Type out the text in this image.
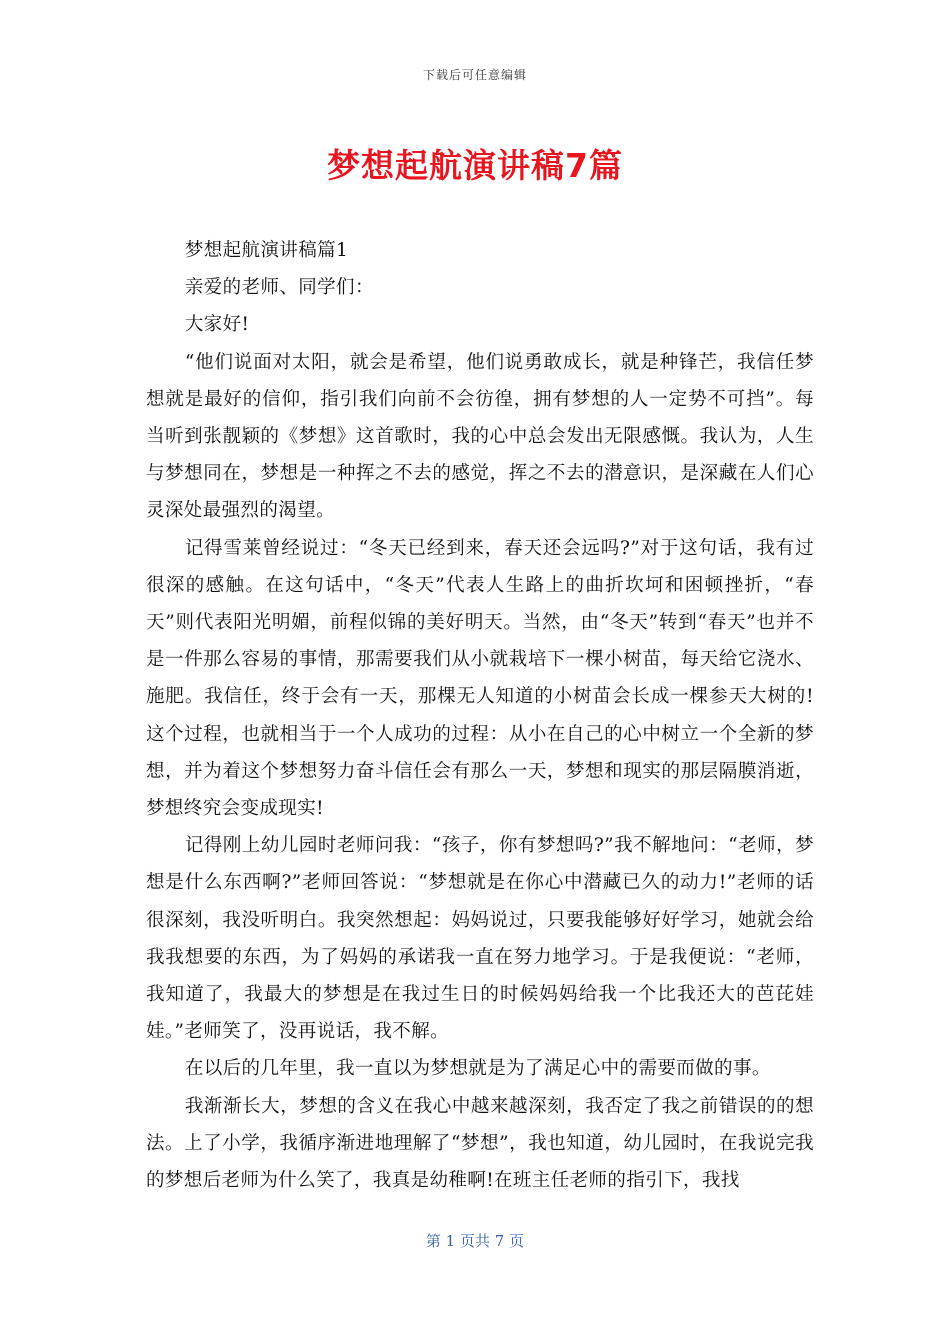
下载后可任意编辑
梦想起航演讲稿7篇

梦想起航演讲稿篇1

亲爱的老师、同学们：

大家好!

“他们说面对太阳，就会是希望，他们说勇敢成长，就是种锋芒，我信任梦想就是最好的信仰，指引我们向前不会彷徨，拥有梦想的人一定势不可挡”。每当听到张靓颖的《梦想》这首歌时，我的心中总会发出无限感慨。我认为，人生与梦想同在，梦想是一种挥之不去的感觉，挥之不去的潜意识，是深藏在人们心灵深处最强烈的渴望。

记得雪莱曾经说过：“冬天已经到来，春天还会远吗?”对于这句话，我有过很深的感触。在这句话中，“冬天”代表人生路上的曲折坎坷和困顿挫折，“春天”则代表阳光明媚，前程似锦的美好明天。当然，由“冬天”转到“春天”也并不是一件那么容易的事情，那需要我们从小就栽培下一棵小树苗，每天给它浇水、施肥。我信任，终于会有一天，那棵无人知道的小树苗会长成一棵参天大树的!这个过程，也就相当于一个人成功的过程：从小在自己的心中树立一个全新的梦想，并为着这个梦想努力奋斗信任会有那么一天，梦想和现实的那层隔膜消逝，梦想终究会变成现实!

记得刚上幼儿园时老师问我：“孩子，你有梦想吗?”我不解地问：“老师，梦想是什么东西啊?”老师回答说：“梦想就是在你心中潜藏已久的动力!”老师的话很深刻，我没听明白。我突然想起：妈妈说过，只要我能够好好学习，她就会给我我想要的东西，为了妈妈的承诺我一直在努力地学习。于是我便说：“老师，我知道了，我最大的梦想是在我过生日的时候妈妈给我一个比我还大的芭芘娃娃。”老师笑了，没再说话，我不解。

在以后的几年里，我一直以为梦想就是为了满足心中的需要而做的事。

我渐渐长大，梦想的含义在我心中越来越深刻，我否定了我之前错误的的想法。上了小学，我循序渐进地理解了“梦想”，我也知道，幼儿园时，在我说完我的梦想后老师为什么笑了，我真是幼稚啊!在班主任老师的指引下，我找

第 1 页共 7 页
